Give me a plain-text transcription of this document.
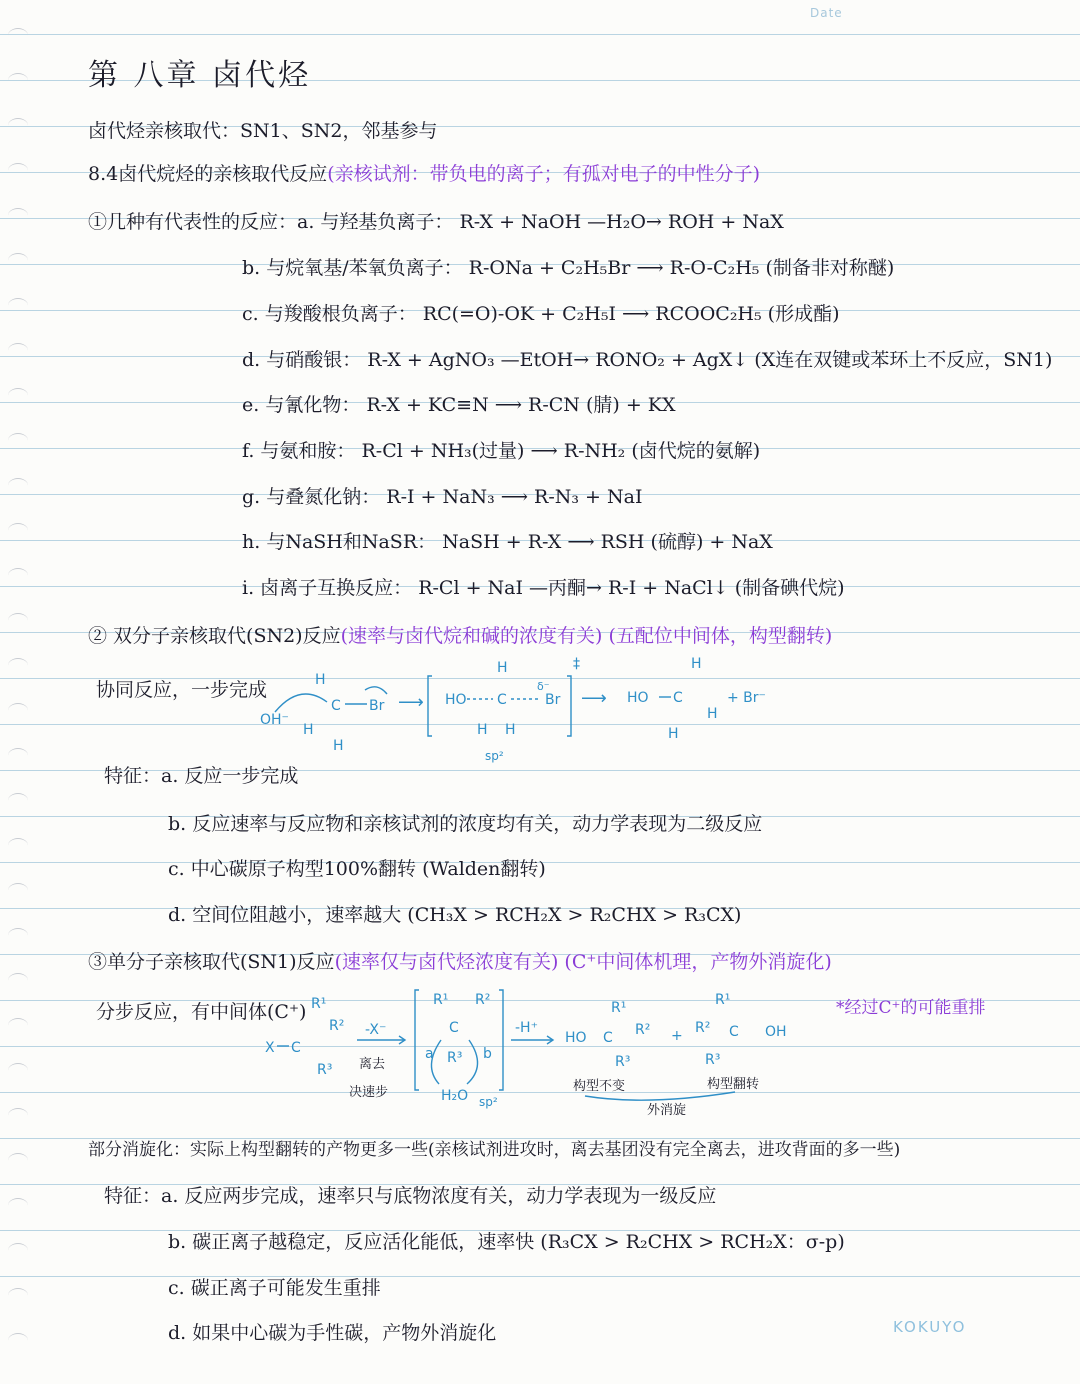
Date
第 八章 卤代烃
卤代烃亲核取代：SN1、SN2，邻基参与
8.4卤代烷烃的亲核取代反应(亲核试剂：带负电的离子；有孤对电子的中性分子)
①几种有代表性的反应：a. 与羟基负离子： R-X + NaOH —H₂O→ ROH + NaX
b. 与烷氧基/苯氧负离子： R-ONa + C₂H₅Br ⟶ R-O-C₂H₅ (制备非对称醚)
c. 与羧酸根负离子： RC(=O)-OK + C₂H₅I ⟶ RCOOC₂H₅ (形成酯)
d. 与硝酸银： R-X + AgNO₃ —EtOH→ RONO₂ + AgX↓ (X连在双键或苯环上不反应，SN1)
e. 与氰化物： R-X + KC≡N ⟶ R-CN (腈) + KX
f. 与氨和胺： R-Cl + NH₃(过量) ⟶ R-NH₂ (卤代烷的氨解)
g. 与叠氮化钠： R-I + NaN₃ ⟶ R-N₃ + NaI
h. 与NaSH和NaSR： NaSH + R-X ⟶ RSH (硫醇) + NaX
i. 卤离子互换反应： R-Cl + NaI —丙酮→ R-I + NaCl↓ (制备碘代烷)
② 双分子亲核取代(SN2)反应(速率与卤代烷和碱的浓度有关) (五配位中间体，构型翻转)
协同反应，一步完成
OH⁻
H
C Br
H
H
⟶ HO
H
C
δ⁻
Br
‡
H H
sp²
⟶ HO
H
C
H
H
+ Br⁻
特征：a. 反应一步完成
b. 反应速率与反应物和亲核试剂的浓度均有关，动力学表现为二级反应
c. 中心碳原子构型100%翻转 (Walden翻转)
d. 空间位阻越小，速率越大 (CH₃X > RCH₂X > R₂CHX > R₃CX)
③单分子亲核取代(SN1)反应(速率仅与卤代烃浓度有关) (C⁺中间体机理，产物外消旋化)
分步反应，有中间体(C⁺)	*经过C⁺的可能重排
X C
R¹
R²
R³
-X⁻
离去
决速步
R¹ R²
C
R³
a	b
H₂O sp²
-H⁺
HO C
R¹
R²
R³
+
R¹
R² C OH
R³
构型不变	构型翻转
外消旋
部分消旋化：实际上构型翻转的产物更多一些(亲核试剂进攻时，离去基团没有完全离去，进攻背面的多一些)
特征：a. 反应两步完成，速率只与底物浓度有关，动力学表现为一级反应
b. 碳正离子越稳定，反应活化能低，速率快 (R₃CX > R₂CHX > RCH₂X：σ-p)
c. 碳正离子可能发生重排
d. 如果中心碳为手性碳，产物外消旋化	KOKUYO
